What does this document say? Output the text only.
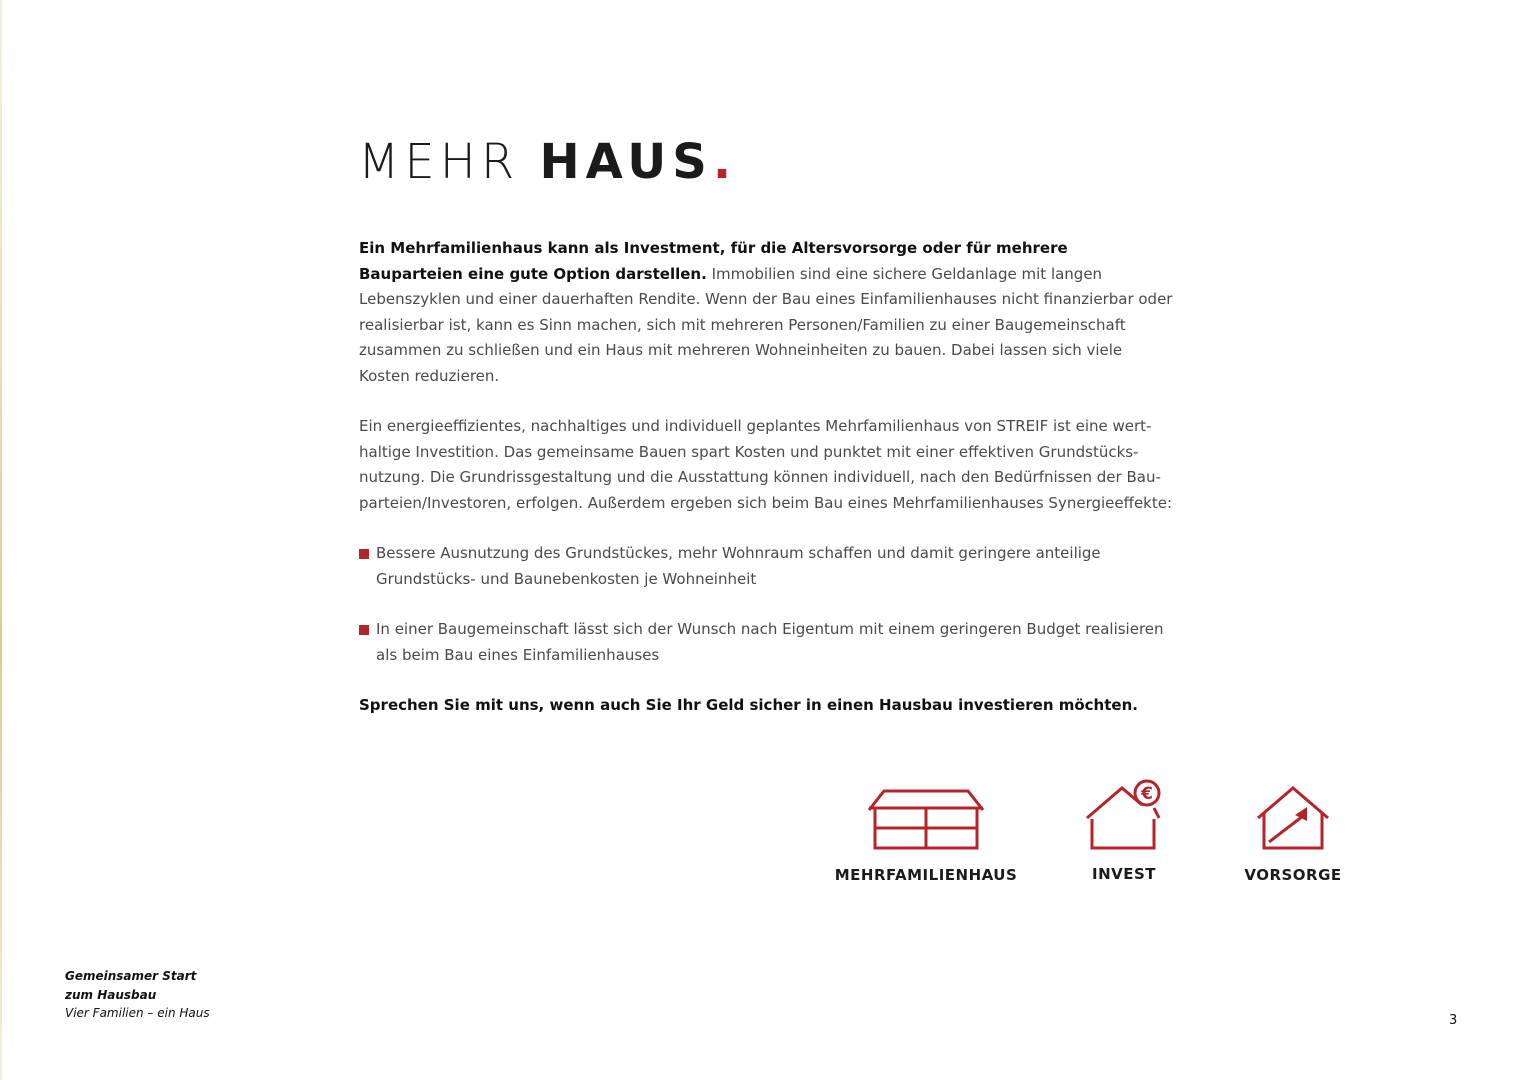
MEHR HAUS.

Ein Mehrfamilienhaus kann als Investment, für die Altersvorsorge oder für mehrere Bauparteien eine gute Option darstellen. Immobilien sind eine sichere Geldanlage mit langen Lebenszyklen und einer dauerhaften Rendite. Wenn der Bau eines Einfamilienhauses nicht finanzierbar oder realisierbar ist, kann es Sinn machen, sich mit mehreren Personen/Familien zu einer Baugemeinschaft zusammen zu schließen und ein Haus mit mehreren Wohneinheiten zu bauen. Dabei lassen sich viele Kosten reduzieren.

Ein energieeffizientes, nachhaltiges und individuell geplantes Mehrfamilienhaus von STREIF ist eine werthaltige Investition. Das gemeinsame Bauen spart Kosten und punktet mit einer effektiven Grundstücksnutzung. Die Grundrissgestaltung und die Ausstattung können individuell, nach den Bedürfnissen der Bauparteien/Investoren, erfolgen. Außerdem ergeben sich beim Bau eines Mehrfamilienhauses Synergieeffekte:

Bessere Ausnutzung des Grundstückes, mehr Wohnraum schaffen und damit geringere anteilige Grundstücks- und Baunebenkosten je Wohneinheit

In einer Baugemeinschaft lässt sich der Wunsch nach Eigentum mit einem geringeren Budget realisieren als beim Bau eines Einfamilienhauses

Sprechen Sie mit uns, wenn auch Sie Ihr Geld sicher in einen Hausbau investieren möchten.

MEHRFAMILIENHAUS
€
INVEST	VORSORGE
Gemeinsamer Start
zum Hausbau
Vier Familien – ein Haus	3
